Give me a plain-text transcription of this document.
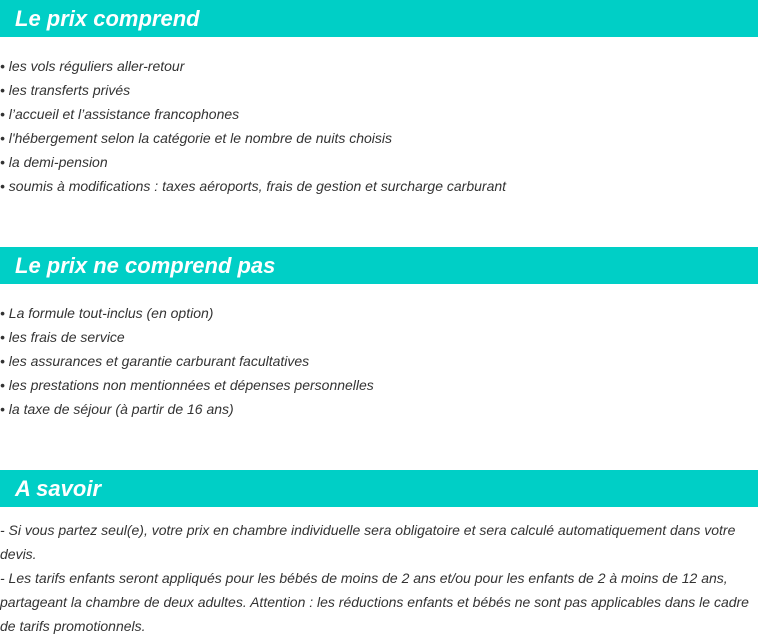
Le prix comprend
• les vols réguliers aller-retour
• les transferts privés
• l’accueil et l’assistance francophones
• l'hébergement selon la catégorie et le nombre de nuits choisis
• la demi-pension
• soumis à modifications : taxes aéroports, frais de gestion et surcharge carburant
Le prix ne comprend pas
• La formule tout-inclus (en option)
• les frais de service
• les assurances et garantie carburant facultatives
• les prestations non mentionnées et dépenses personnelles
• la taxe de séjour (à partir de 16 ans)
A savoir

- Si vous partez seul(e), votre prix en chambre individuelle sera obligatoire et sera calculé automatiquement dans votre devis.

- Les tarifs enfants seront appliqués pour les bébés de moins de 2 ans et/ou pour les enfants de 2 à moins de 12 ans, partageant la chambre de deux adultes. Attention : les réductions enfants et bébés ne sont pas applicables dans le cadre de tarifs promotionnels.
